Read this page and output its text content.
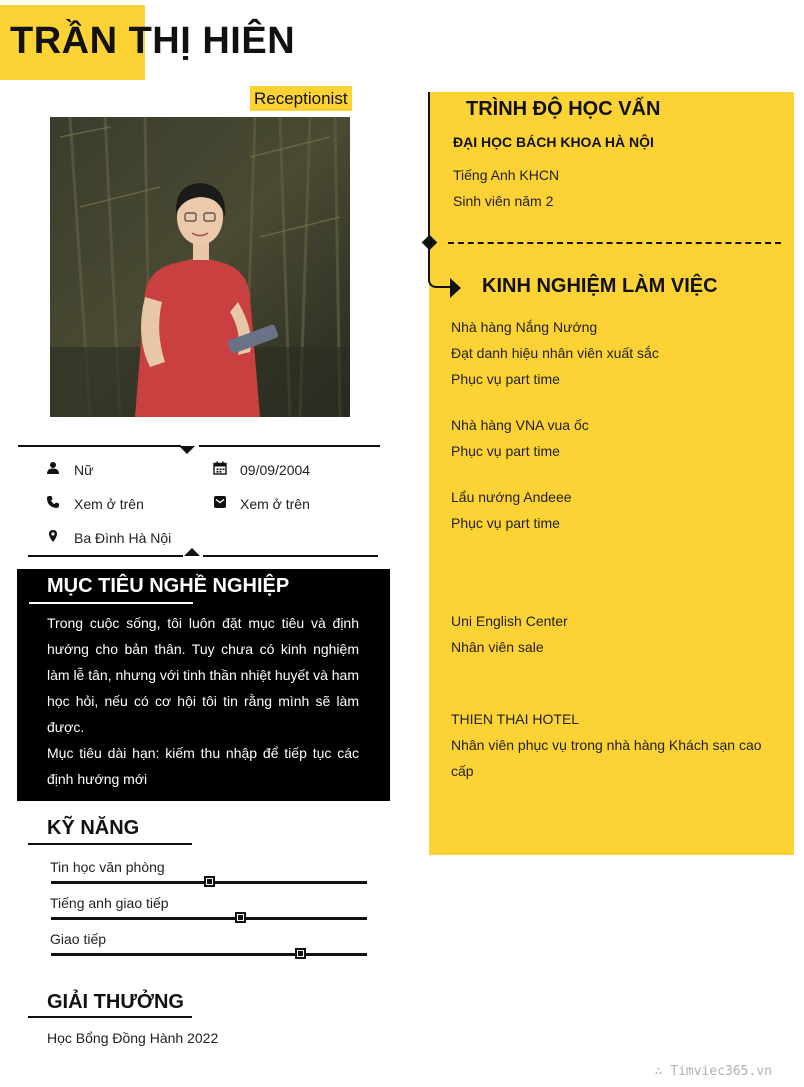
TRẦN THỊ HIÊN
Receptionist
Nữ	09/09/2004
Xem ở trên	Xem ở trên
Ba Đình Hà Nội
MỤC TIÊU NGHỀ NGHIỆP

Trong cuộc sống, tôi luôn đặt mục tiêu và định hướng cho bản thân. Tuy chưa có kinh nghiệm làm lễ tân, nhưng với tinh thần nhiệt huyết và ham học hỏi, nếu có cơ hội tôi tin rằng mình sẽ làm được.

Mục tiêu dài hạn: kiếm thu nhập để tiếp tục các định hướng mới

KỸ NĂNG
Tin học văn phòng
Tiếng anh giao tiếp
Giao tiếp
GIẢI THƯỞNG
Học Bổng Đồng Hành 2022
TRÌNH ĐỘ HỌC VẤN
ĐẠI HỌC BÁCH KHOA HÀ NỘI
Tiếng Anh KHCN
Sinh viên năm 2
KINH NGHIỆM LÀM VIỆC
Nhà hàng Nắng Nướng
Đạt danh hiệu nhân viên xuất sắc
Phục vụ part time
Nhà hàng VNA vua ốc
Phục vụ part time
Lẩu nướng Andeee
Phục vụ part time
Uni English Center
Nhân viên sale
THIEN THAI HOTEL
Nhân viên phục vụ trong nhà hàng Khách sạn cao
cấp
∴ Timviec365.vn
